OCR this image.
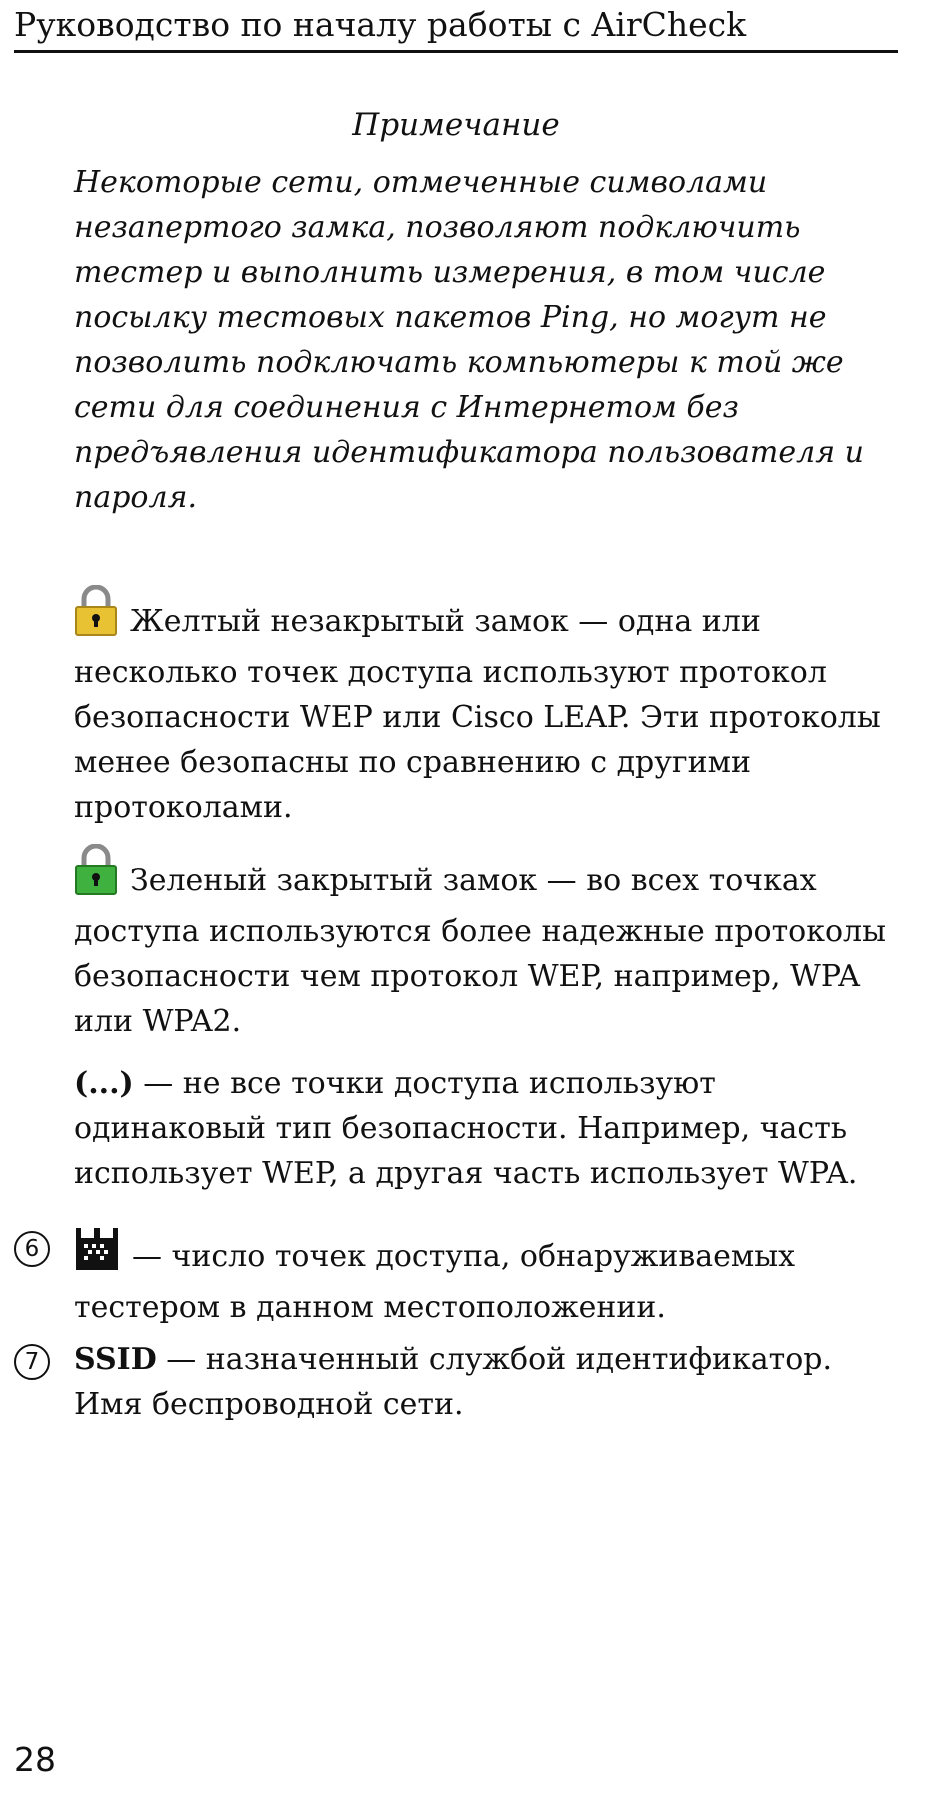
Руководство по началу работы с AirCheck
Примечание
Некоторые сети, отмеченные символами незапертого замка, позволяют подключить тестер и выполнить измерения, в том числе посылку тестовых пакетов Ping, но могут не позволить подключать компьютеры к той же сети для соединения с Интернетом без предъявления идентификатора пользователя и пароля.
Желтый незакрытый замок — одна или несколько точек доступа используют протокол безопасности WEP или Cisco LEAP. Эти протоколы менее безопасны по сравнению с другими протоколами.
Зеленый закрытый замок — во всех точках доступа используются более надежные протоколы безопасности чем протокол WEP, например, WPA или WPA2.
(...) — не все точки доступа используют одинаковый тип безопасности. Например, часть использует WEP, а другая часть использует WPA.
6	— число точек доступа, обнаруживаемых тестером в данном местоположении.
7	SSID — назначенный службой идентификатор. Имя беспроводной сети.
28
